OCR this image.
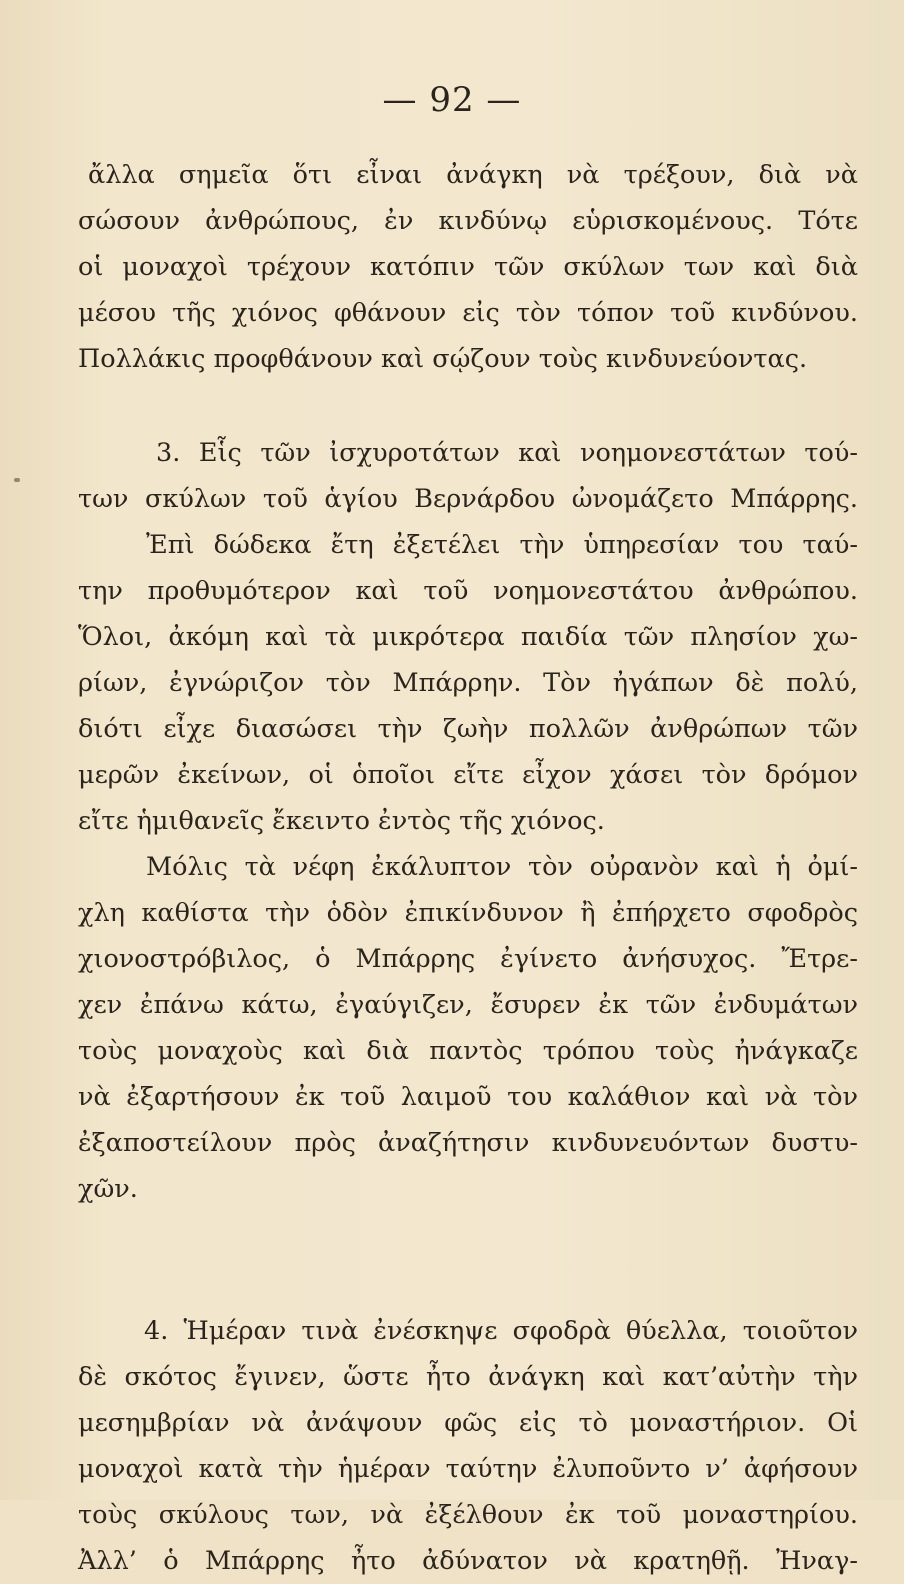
— 92 —
ἄλλα σημεῖα ὅτι εἶναι ἀνάγκη νὰ τρέξουν, διὰ νὰ
σώσουν ἀνθρώπους, ἐν κινδύνῳ εὑρισκομένους. Τότε
οἱ μοναχοὶ τρέχουν κατόπιν τῶν σκύλων των καὶ διὰ
μέσου τῆς χιόνος φθάνουν εἰς τὸν τόπον τοῦ κινδύνου.
Πολλάκις προφθάνουν καὶ σῴζουν τοὺς κινδυνεύοντας.
3. Εἷς τῶν ἰσχυροτάτων καὶ νοημονεστάτων τού-
των σκύλων τοῦ ἁγίου Βερνάρδου ὠνομάζετο Μπάρρης.
Ἐπὶ δώδεκα ἔτη ἐξετέλει τὴν ὑπηρεσίαν του ταύ-
την προθυμότερον καὶ τοῦ νοημονεστάτου ἀνθρώπου.
Ὅλοι, ἀκόμη καὶ τὰ μικρότερα παιδία τῶν πλησίον χω-
ρίων, ἐγνώριζον τὸν Μπάρρην. Τὸν ἠγάπων δὲ πολύ,
διότι εἶχε διασώσει τὴν ζωὴν πολλῶν ἀνθρώπων τῶν
μερῶν ἐκείνων, οἱ ὁποῖοι εἴτε εἶχον χάσει τὸν δρόμον
εἴτε ἡμιθανεῖς ἔκειντο ἐντὸς τῆς χιόνος.
Μόλις τὰ νέφη ἐκάλυπτον τὸν οὐρανὸν καὶ ἡ ὀμί-
χλη καθίστα τὴν ὁδὸν ἐπικίνδυνον ἢ ἐπήρχετο σφοδρὸς
χιονοστρόβιλος, ὁ Μπάρρης ἐγίνετο ἀνήσυχος. Ἔτρε-
χεν ἐπάνω κάτω, ἐγαύγιζεν, ἔσυρεν ἐκ τῶν ἐνδυμάτων
τοὺς μοναχοὺς καὶ διὰ παντὸς τρόπου τοὺς ἠνάγκαζε
νὰ ἐξαρτήσουν ἐκ τοῦ λαιμοῦ του καλάθιον καὶ νὰ τὸν
ἐξαποστείλουν πρὸς ἀναζήτησιν κινδυνευόντων δυστυ-
χῶν.
4. Ἡμέραν τινὰ ἐνέσκηψε σφοδρὰ θύελλα, τοιοῦτον
δὲ σκότος ἔγινεν, ὥστε ἦτο ἀνάγκη καὶ κατ’αὐτὴν τὴν
μεσημβρίαν νὰ ἀνάψουν φῶς εἰς τὸ μοναστήριον. Οἱ
μοναχοὶ κατὰ τὴν ἡμέραν ταύτην ἐλυποῦντο ν’ ἀφήσουν
τοὺς σκύλους των, νὰ ἐξέλθουν ἐκ τοῦ μοναστηρίου.
Ἀλλ’ ὁ Μπάρρης ἦτο ἀδύνατον νὰ κρατηθῇ. Ἠναγ-
